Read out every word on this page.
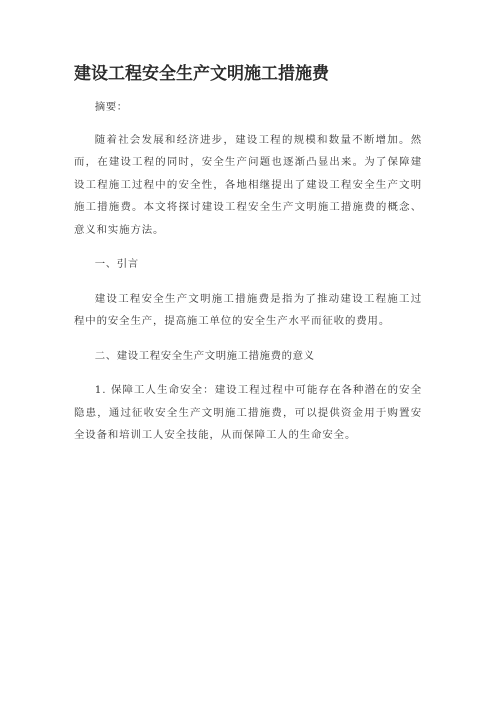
建设工程安全生产文明施工措施费

摘要：

随着社会发展和经济进步，建设工程的规模和数量不断增加。然而，在建设工程的同时，安全生产问题也逐渐凸显出来。为了保障建设工程施工过程中的安全性，各地相继提出了建设工程安全生产文明施工措施费。本文将探讨建设工程安全生产文明施工措施费的概念、意义和实施方法。

一、引言

建设工程安全生产文明施工措施费是指为了推动建设工程施工过程中的安全生产，提高施工单位的安全生产水平而征收的费用。

二、建设工程安全生产文明施工措施费的意义

1. 保障工人生命安全：建设工程过程中可能存在各种潜在的安全隐患，通过征收安全生产文明施工措施费，可以提供资金用于购置安全设备和培训工人安全技能，从而保障工人的生命安全。
